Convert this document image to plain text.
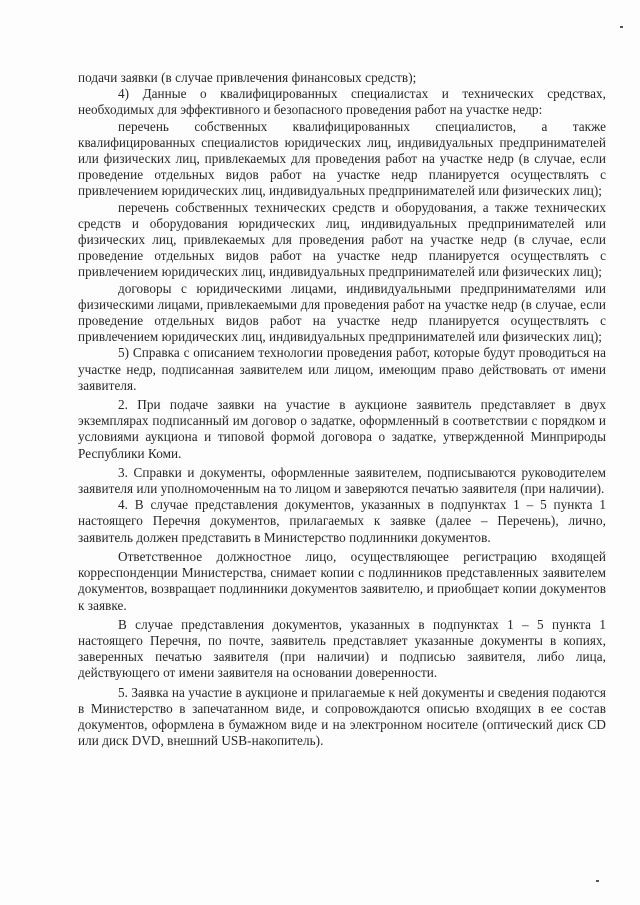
подачи заявки (в случае привлечения финансовых средств);

4) Данные о квалифицированных специалистах и технических средствах, необходимых для эффективного и безопасного проведения работ на участке недр:

перечень собственных квалифицированных специалистов, а также квалифицированных специалистов юридических лиц, индивидуальных предпринимателей или физических лиц, привлекаемых для проведения работ на участке недр (в случае, если проведение отдельных видов работ на участке недр планируется осуществлять с привлечением юридических лиц, индивидуальных предпринимателей или физических лиц);

перечень собственных технических средств и оборудования, а также технических средств и оборудования юридических лиц, индивидуальных предпринимателей или физических лиц, привлекаемых для проведения работ на участке недр (в случае, если проведение отдельных видов работ на участке недр планируется осуществлять с привлечением юридических лиц, индивидуальных предпринимателей или физических лиц);

договоры с юридическими лицами, индивидуальными предпринимателями или физическими лицами, привлекаемыми для проведения работ на участке недр (в случае, если проведение отдельных видов работ на участке недр планируется осуществлять с привлечением юридических лиц, индивидуальных предпринимателей или физических лиц);

5) Справка с описанием технологии проведения работ, которые будут проводиться на участке недр, подписанная заявителем или лицом, имеющим право действовать от имени заявителя.

2. При подаче заявки на участие в аукционе заявитель представляет в двух экземплярах подписанный им договор о задатке, оформленный в соответствии с порядком и условиями аукциона и типовой формой договора о задатке, утвержденной Минприроды Республики Коми.

3. Справки и документы, оформленные заявителем, подписываются руководителем заявителя или уполномоченным на то лицом и заверяются печатью заявителя (при наличии).

4. В случае представления документов, указанных в подпунктах 1 – 5 пункта 1 настоящего Перечня документов, прилагаемых к заявке (далее – Перечень), лично, заявитель должен представить в Министерство подлинники документов.

Ответственное должностное лицо, осуществляющее регистрацию входящей корреспонденции Министерства, снимает копии с подлинников представленных заявителем документов, возвращает подлинники документов заявителю, и приобщает копии документов к заявке.

В случае представления документов, указанных в подпунктах 1 – 5 пункта 1 настоящего Перечня, по почте, заявитель представляет указанные документы в копиях, заверенных печатью заявителя (при наличии) и подписью заявителя, либо лица, действующего от имени заявителя на основании доверенности.

5. Заявка на участие в аукционе и прилагаемые к ней документы и сведения подаются в Министерство в запечатанном виде, и сопровождаются описью входящих в ее состав документов, оформлена в бумажном виде и на электронном носителе (оптический диск CD или диск DVD, внешний USB-накопитель).
